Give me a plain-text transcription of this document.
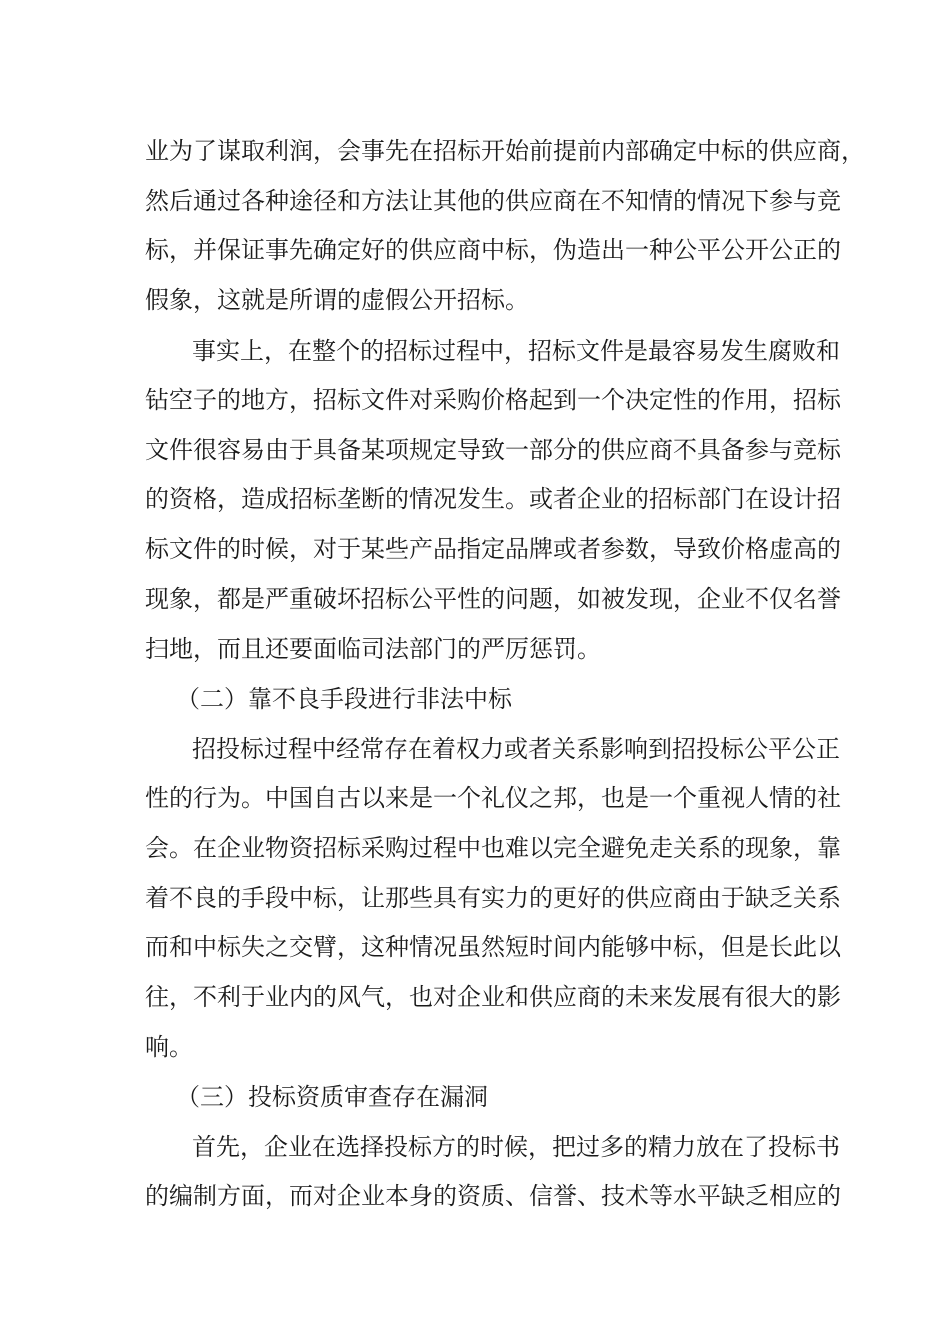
业为了谋取利润，会事先在招标开始前提前内部确定中标的供应商，

然后通过各种途径和方法让其他的供应商在不知情的情况下参与竞

标，并保证事先确定好的供应商中标，伪造出一种公平公开公正的

假象，这就是所谓的虚假公开招标。

事实上，在整个的招标过程中，招标文件是最容易发生腐败和

钻空子的地方，招标文件对采购价格起到一个决定性的作用，招标

文件很容易由于具备某项规定导致一部分的供应商不具备参与竞标

的资格，造成招标垄断的情况发生。或者企业的招标部门在设计招

标文件的时候，对于某些产品指定品牌或者参数，导致价格虚高的

现象，都是严重破坏招标公平性的问题，如被发现，企业不仅名誉

扫地，而且还要面临司法部门的严厉惩罚。

（二）靠不良手段进行非法中标

招投标过程中经常存在着权力或者关系影响到招投标公平公正

性的行为。中国自古以来是一个礼仪之邦，也是一个重视人情的社

会。在企业物资招标采购过程中也难以完全避免走关系的现象，靠

着不良的手段中标，让那些具有实力的更好的供应商由于缺乏关系

而和中标失之交臂，这种情况虽然短时间内能够中标，但是长此以

往，不利于业内的风气，也对企业和供应商的未来发展有很大的影

响。

（三）投标资质审查存在漏洞

首先，企业在选择投标方的时候，把过多的精力放在了投标书

的编制方面，而对企业本身的资质、信誉、技术等水平缺乏相应的
